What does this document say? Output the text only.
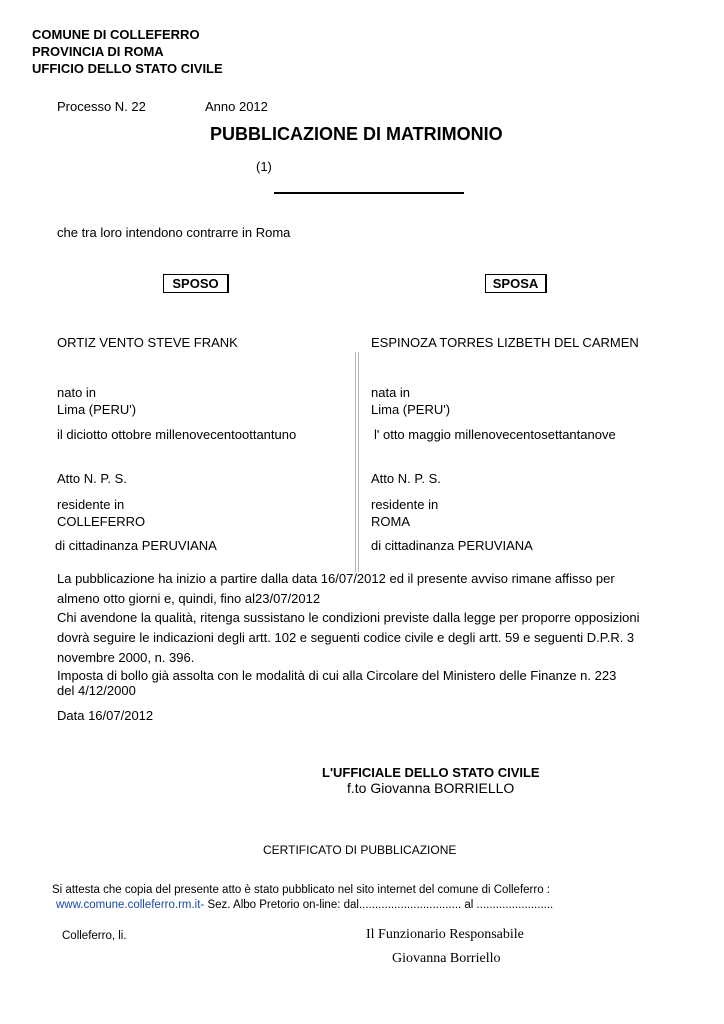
COMUNE DI COLLEFERRO
PROVINCIA DI ROMA
UFFICIO DELLO STATO CIVILE
Processo N. 22	Anno 2012
PUBBLICAZIONE DI MATRIMONIO
(1)
che tra loro intendono contrarre in Roma
SPOSO	SPOSA
ORTIZ VENTO STEVE FRANK
nato in
Lima (PERU')
il diciotto ottobre millenovecentoottantuno
Atto N. P. S.
residente in
COLLEFERRO
di cittadinanza PERUVIANA
ESPINOZA TORRES LIZBETH DEL CARMEN
nata in
Lima (PERU')
l' otto maggio millenovecentosettantanove
Atto N. P. S.
residente in
ROMA
di cittadinanza PERUVIANA
La pubblicazione ha inizio a partire dalla data 16/07/2012 ed il presente avviso rimane affisso per
almeno otto giorni e, quindi, fino al23/07/2012
Chi avendone la qualità, ritenga sussistano le condizioni previste dalla legge per proporre opposizioni
dovrà seguire le indicazioni degli artt. 102 e seguenti codice civile e degli artt. 59 e seguenti D.P.R. 3
novembre 2000, n. 396.
Imposta di bollo già assolta con le modalità di cui alla Circolare del Ministero delle Finanze n. 223
del 4/12/2000
Data 16/07/2012
L'UFFICIALE DELLO STATO CIVILE
f.to Giovanna BORRIELLO
CERTIFICATO DI PUBBLICAZIONE
Si attesta che copia del presente atto è stato pubblicato nel sito internet del comune di Colleferro :
www.comune.colleferro.rm.it- Sez. Albo Pretorio on-line: dal................................ al ........................
Colleferro, li.	Il Funzionario Responsabile
Giovanna Borriello
